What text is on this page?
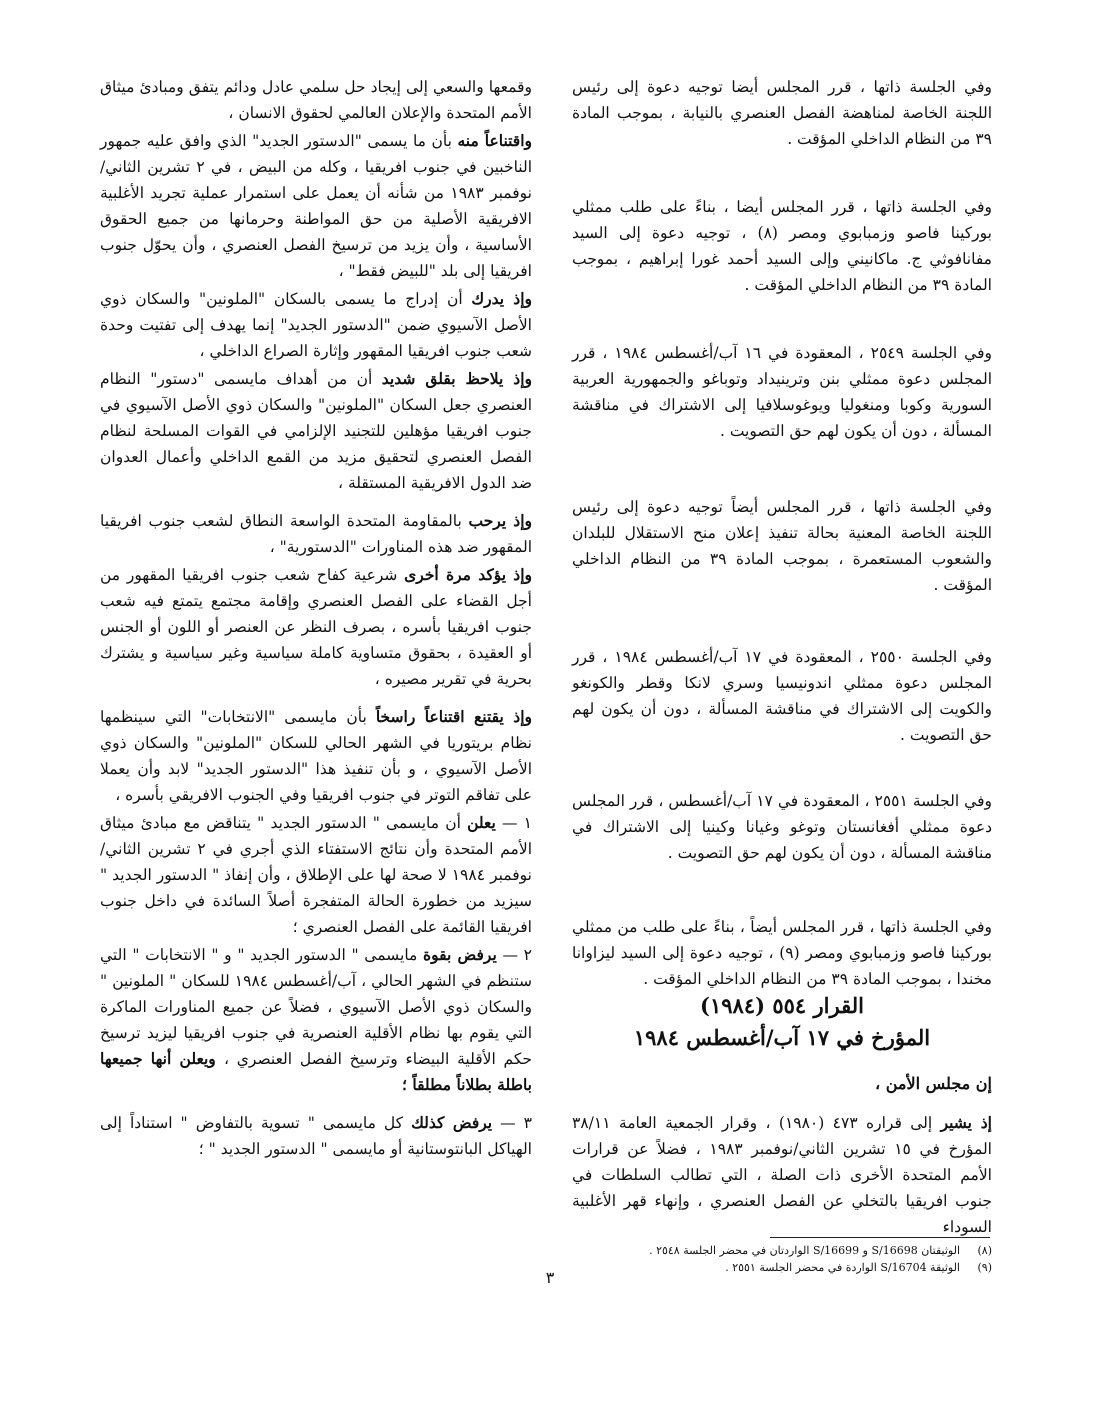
وفي الجلسة ذاتها ، قرر المجلس أيضا توجيه دعوة إلى رئيس اللجنة الخاصة لمناهضة الفصل العنصري بالنيابة ، بموجب المادة ٣٩ من النظام الداخلي المؤقت .

وفي الجلسة ذاتها ، قرر المجلس أيضا ، بناءً على طلب ممثلي بوركينا فاصو وزمبابوي ومصر (٨) ، توجيه دعوة إلى السيد مفانافوثي ج. ماكانيني وإلى السيد أحمد غورا إبراهيم ، بموجب المادة ٣٩ من النظام الداخلي المؤقت .

وفي الجلسة ٢٥٤٩ ، المعقودة في ١٦ آب/أغسطس ١٩٨٤ ، قرر المجلس دعوة ممثلي بنن وترينيداد وتوباغو والجمهورية العربية السورية وكوبا ومنغوليا ويوغوسلافيا إلى الاشتراك في مناقشة المسألة ، دون أن يكون لهم حق التصويت .

وفي الجلسة ذاتها ، قرر المجلس أيضاً توجيه دعوة إلى رئيس اللجنة الخاصة المعنية بحالة تنفيذ إعلان منح الاستقلال للبلدان والشعوب المستعمرة ، بموجب المادة ٣٩ من النظام الداخلي المؤقت .

وفي الجلسة ٢٥٥٠ ، المعقودة في ١٧ آب/أغسطس ١٩٨٤ ، قرر المجلس دعوة ممثلي اندونيسيا وسري لانكا وقطر والكونغو والكويت إلى الاشتراك في مناقشة المسألة ، دون أن يكون لهم حق التصويت .

وفي الجلسة ٢٥٥١ ، المعقودة في ١٧ آب/أغسطس ، قرر المجلس دعوة ممثلي أفغانستان وتوغو وغيانا وكينيا إلى الاشتراك في مناقشة المسألة ، دون أن يكون لهم حق التصويت .

وفي الجلسة ذاتها ، قرر المجلس أيضاً ، بناءً على طلب من ممثلي بوركينا فاصو وزمبابوي ومصر (٩) ، توجيه دعوة إلى السيد ليزاوانا مخندا ، بموجب المادة ٣٩ من النظام الداخلي المؤقت .

القرار ٥٥٤ (١٩٨٤)
المؤرخ في ١٧ آب/أغسطس ١٩٨٤
إن مجلس الأمن ،
إذ يشير إلى قراره ٤٧٣ (١٩٨٠) ، وقرار الجمعية العامة ٣٨/١١ المؤرخ في ١٥ تشرين الثاني/نوفمبر ١٩٨٣ ، فضلاً عن قرارات الأمم المتحدة الأخرى ذات الصلة ، التي تطالب السلطات في جنوب افريقيا بالتخلي عن الفصل العنصري ، وإنهاء قهر الأغلبية السوداء

وقمعها والسعي إلى إيجاد حل سلمي عادل ودائم يتفق ومبادئ ميثاق الأمم المتحدة والإعلان العالمي لحقوق الانسان ،

واقتناعاً منه بأن ما يسمى "الدستور الجديد" الذي وافق عليه جمهور الناخبين في جنوب افريقيا ، وكله من البيض ، في ٢ تشرين الثاني/نوفمبر ١٩٨٣ من شأنه أن يعمل على استمرار عملية تجريد الأغلبية الافريقية الأصلية من حق المواطنة وحرمانها من جميع الحقوق الأساسية ، وأن يزيد من ترسيخ الفصل العنصري ، وأن يحوّل جنوب افريقيا إلى بلد "للبيض فقط" ،

وإذ يدرك أن إدراج ما يسمى بالسكان "الملونين" والسكان ذوي الأصل الآسيوي ضمن "الدستور الجديد" إنما يهدف إلى تفتيت وحدة شعب جنوب افريقيا المقهور وإثارة الصراع الداخلي ،

وإذ يلاحظ بقلق شديد أن من أهداف مايسمى "دستور" النظام العنصري جعل السكان "الملونين" والسكان ذوي الأصل الآسيوي في جنوب افريقيا مؤهلين للتجنيد الإلزامي في القوات المسلحة لنظام الفصل العنصري لتحقيق مزيد من القمع الداخلي وأعمال العدوان ضد الدول الافريقية المستقلة ،

وإذ يرحب بالمقاومة المتحدة الواسعة النطاق لشعب جنوب افريقيا المقهور ضد هذه المناورات "الدستورية" ،

وإذ يؤكد مرة أخرى شرعية كفاح شعب جنوب افريقيا المقهور من أجل القضاء على الفصل العنصري وإقامة مجتمع يتمتع فيه شعب جنوب افريقيا بأسره ، بصرف النظر عن العنصر أو اللون أو الجنس أو العقيدة ، بحقوق متساوية كاملة سياسية وغير سياسية و يشترك بحرية في تقرير مصيره ،

وإذ يقتنع اقتناعاً راسخاً بأن مايسمى "الانتخابات" التي سينظمها نظام بريتوريا في الشهر الحالي للسكان "الملونين" والسكان ذوي الأصل الآسيوي ، و بأن تنفيذ هذا "الدستور الجديد" لابد وأن يعملا على تفاقم التوتر في جنوب افريقيا وفي الجنوب الافريقي بأسره ،

١ — يعلن أن مايسمى " الدستور الجديد " يتناقض مع مبادئ ميثاق الأمم المتحدة وأن نتائج الاستفتاء الذي أجري في ٢ تشرين الثاني/نوفمبر ١٩٨٤ لا صحة لها على الإطلاق ، وأن إنفاذ " الدستور الجديد " سيزيد من خطورة الحالة المتفجرة أصلاً السائدة في داخل جنوب افريقيا القائمة على الفصل العنصري ؛

٢ — يرفض بقوة مايسمى " الدستور الجديد " و " الانتخابات " التي ستنظم في الشهر الحالي ، آب/أغسطس ١٩٨٤ للسكان " الملونين " والسكان ذوي الأصل الآسيوي ، فضلاً عن جميع المناورات الماكرة التي يقوم بها نظام الأقلية العنصرية في جنوب افريقيا ليزيد ترسيخ حكم الأقلية البيضاء وترسيخ الفصل العنصري ، ويعلن أنها جميعها باطلة بطلاناً مطلقاً ؛

٣ — يرفض كذلك كل مايسمى " تسوية بالتفاوض " استناداً إلى الهياكل البانتوستانية أو مايسمى " الدستور الجديد " ؛

(٨)
الوثيقتان S/16698 و S/16699 الواردتان في محضر الجلسة ٢٥٤٨ .
(٩)
الوثيقة S/16704 الواردة في محضر الجلسة ٢٥٥١ .
٣
